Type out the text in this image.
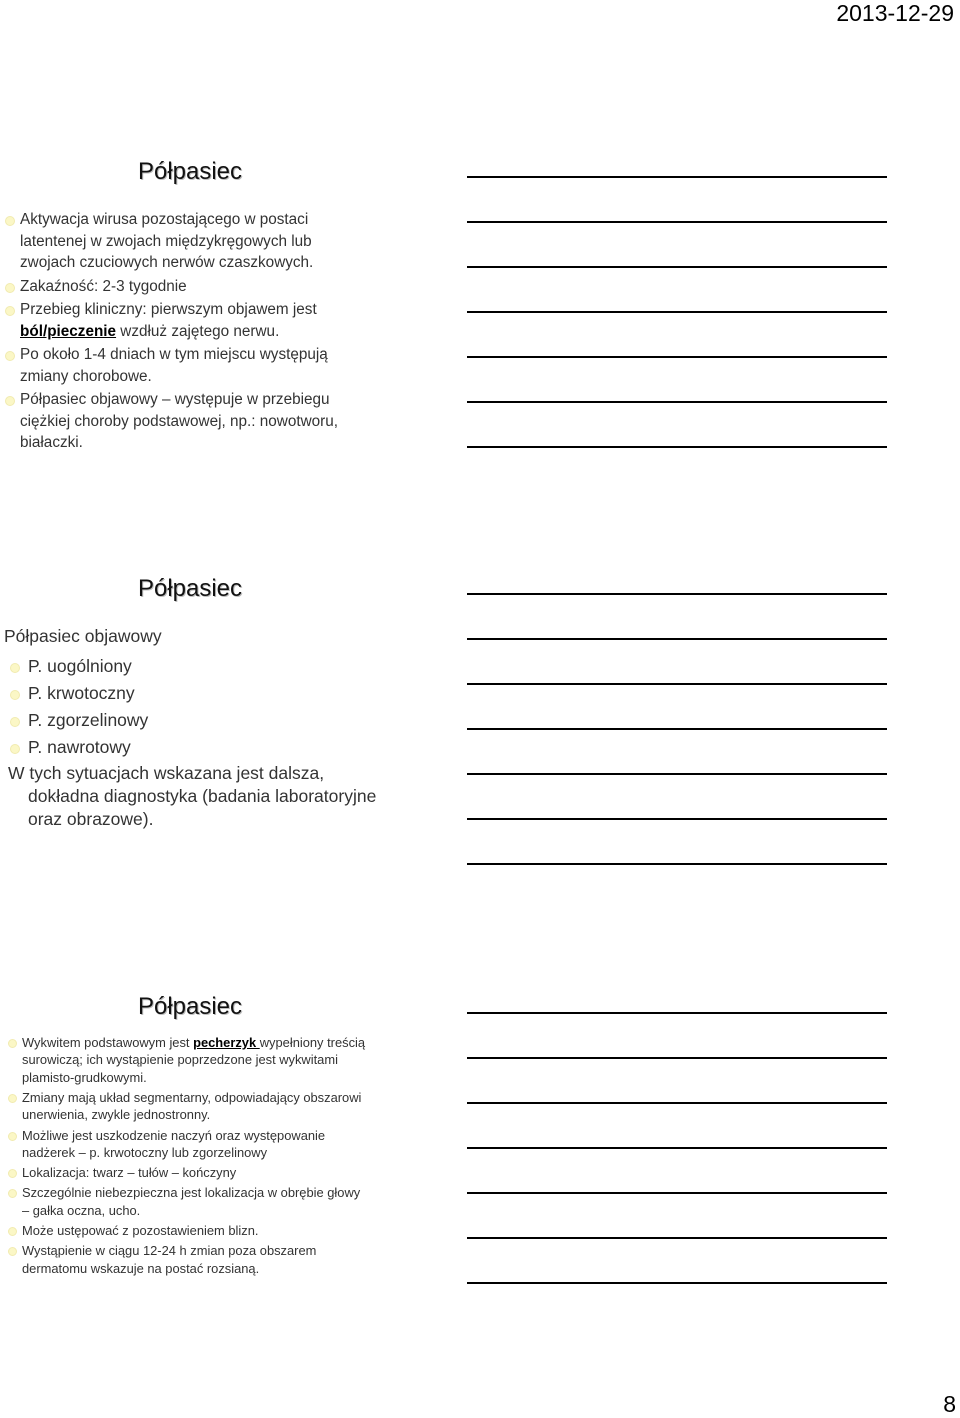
2013-12-29
Półpasiec
Aktywacja wirusa pozostającego w postaci latentenej w zwojach międzykręgowych lub zwojach czuciowych nerwów czaszkowych.
Zakaźność: 2-3 tygodnie
Przebieg kliniczny: pierwszym objawem jest ból/pieczenie wzdłuż zajętego nerwu.
Po około 1-4 dniach w tym miejscu występują zmiany chorobowe.
Półpasiec objawowy – występuje w przebiegu ciężkiej choroby podstawowej, np.: nowotworu, białaczki.
Półpasiec
Półpasiec objawowy
P. uogólniony
P. krwotoczny
P. zgorzelinowy
P. nawrotowy
W tych sytuacjach wskazana jest dalsza, dokładna diagnostyka (badania laboratoryjne oraz obrazowe).
Półpasiec
Wykwitem podstawowym jest pecherzyk wypełniony treścią surowiczą; ich wystąpienie poprzedzone jest wykwitami plamisto-grudkowymi.
Zmiany mają układ segmentarny, odpowiadający obszarowi unerwienia, zwykle jednostronny.
Możliwe jest uszkodzenie naczyń oraz występowanie nadżerek – p. krwotoczny lub zgorzelinowy
Lokalizacja: twarz – tułów – kończyny
Szczególnie niebezpieczna jest lokalizacja w obrębie głowy – gałka oczna, ucho.
Może ustępować z pozostawieniem blizn.
Wystąpienie w ciągu 12-24 h zmian poza obszarem dermatomu wskazuje na postać rozsianą.
8
